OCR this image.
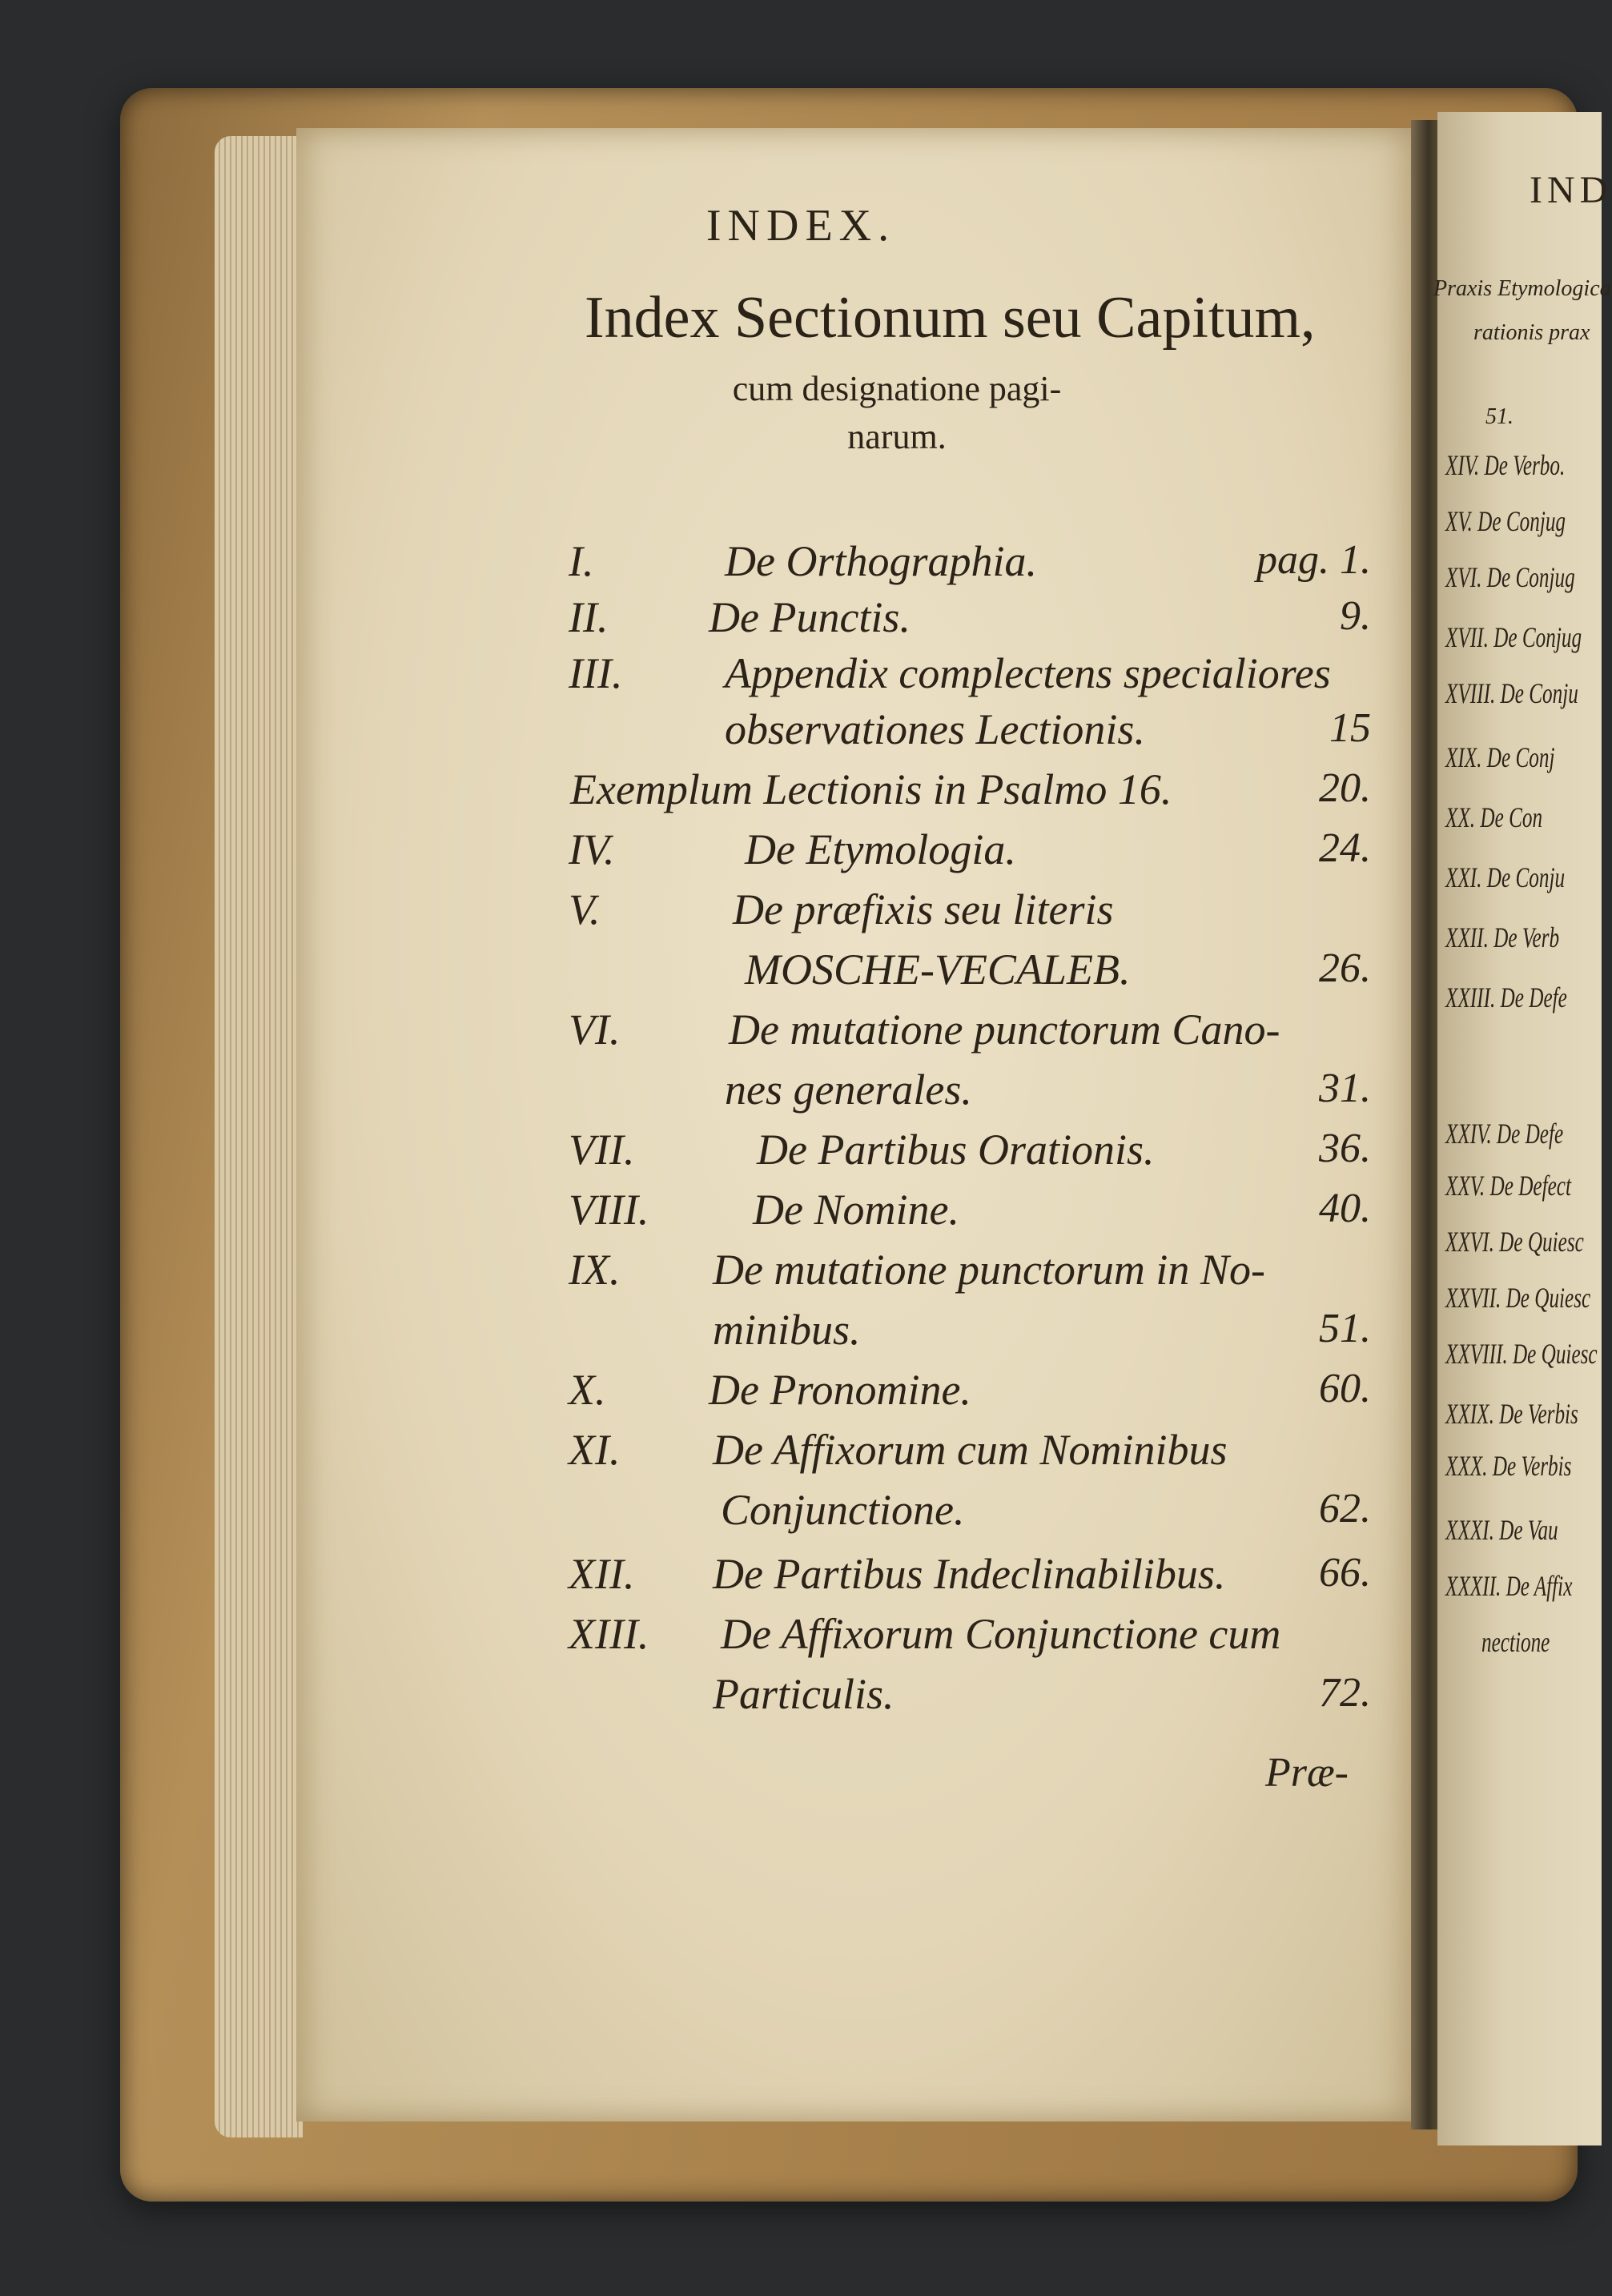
IND
Praxis Etymologica
rationis prax
51.
XIV. De Verbo.
XV. De Conjug
XVI. De Conjug
XVII. De Conjug
XVIII. De Conju
XIX. De Conj
XX. De Con
XXI. De Conju
XXII. De Verb
XXIII. De Defe
XXIV. De Defe
XXV. De Defect
XXVI. De Quiesc
XXVII. De Quiesc
XXVIII. De Quiesc
XXIX. De Verbis
XXX. De Verbis
XXXI. De Vau
XXXII. De Affix
nectione
INDEX.
Index Sectionum seu Capitum,
cum designatione pagi-
narum.
I.	De Orthographia.	pag. 1.
II. De Punctis.	9.
III. Appendix complectens specialiores
observationes Lectionis.	15
Exemplum Lectionis in Psalmo 16.	20.
IV.	De Etymologia.	24.
V.	De præfixis seu literis
MOSCHE-VECALEB.	26.
VI.	De mutatione punctorum Cano-
nes generales.	31.
VII.	De Partibus Orationis.	36.
VIII. De Nomine.	40.
IX. De mutatione punctorum in No-
minibus.	51.
X. De Pronomine.	60.
XI. De Affixorum cum Nominibus
Conjunctione.	62.
XII. De Partibus Indeclinabilibus. 66.
XIII. De Affixorum Conjunctione cum
Particulis.	72.
Præ-
